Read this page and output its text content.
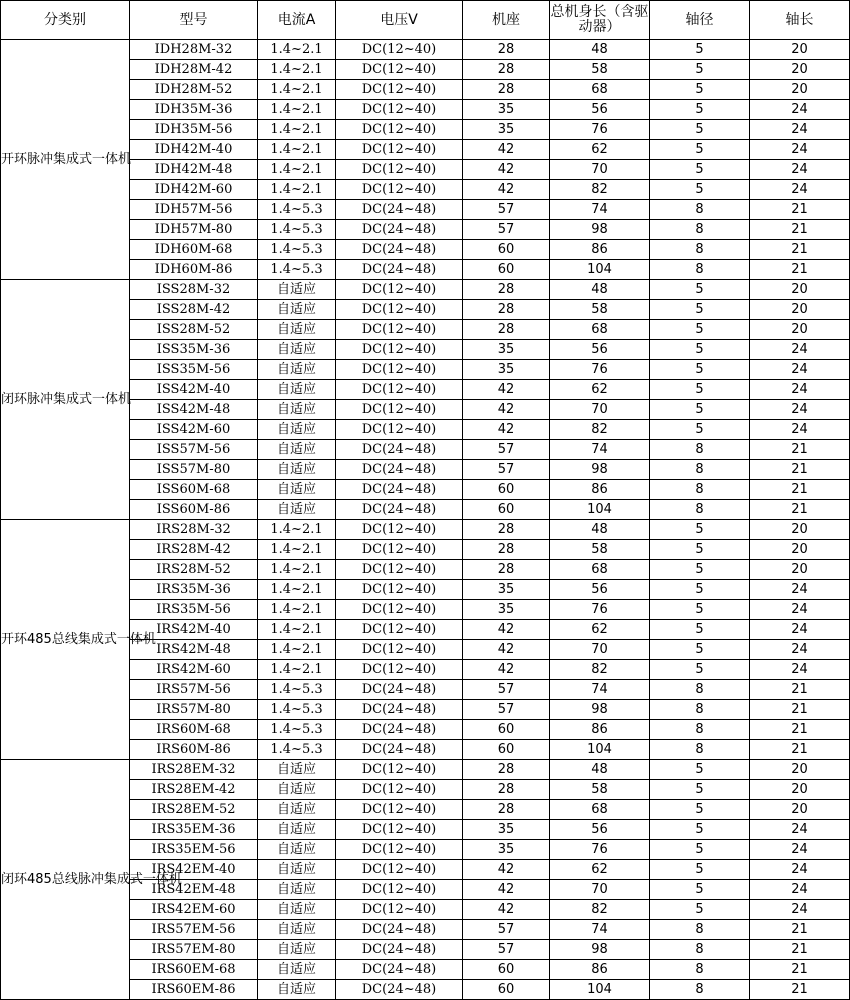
分类别	型号	电流A	电压V	机座	总机身长（含驱动器）	轴径	轴长
开环脉冲集成式一体机	IDH28M-32	1.4~2.1	DC(12~40)	28	48	5	20
	IDH28M-42	1.4~2.1	DC(12~40)	28	58	5	20
	IDH28M-52	1.4~2.1	DC(12~40)	28	68	5	20
	IDH35M-36	1.4~2.1	DC(12~40)	35	56	5	24
	IDH35M-56	1.4~2.1	DC(12~40)	35	76	5	24
	IDH42M-40	1.4~2.1	DC(12~40)	42	62	5	24
	IDH42M-48	1.4~2.1	DC(12~40)	42	70	5	24
	IDH42M-60	1.4~2.1	DC(12~40)	42	82	5	24
	IDH57M-56	1.4~5.3	DC(24~48)	57	74	8	21
	IDH57M-80	1.4~5.3	DC(24~48)	57	98	8	21
	IDH60M-68	1.4~5.3	DC(24~48)	60	86	8	21
	IDH60M-86	1.4~5.3	DC(24~48)	60	104	8	21
闭环脉冲集成式一体机	ISS28M-32	自适应	DC(12~40)	28	48	5	20
	ISS28M-42	自适应	DC(12~40)	28	58	5	20
	ISS28M-52	自适应	DC(12~40)	28	68	5	20
	ISS35M-36	自适应	DC(12~40)	35	56	5	24
	ISS35M-56	自适应	DC(12~40)	35	76	5	24
	ISS42M-40	自适应	DC(12~40)	42	62	5	24
	ISS42M-48	自适应	DC(12~40)	42	70	5	24
	ISS42M-60	自适应	DC(12~40)	42	82	5	24
	ISS57M-56	自适应	DC(24~48)	57	74	8	21
	ISS57M-80	自适应	DC(24~48)	57	98	8	21
	ISS60M-68	自适应	DC(24~48)	60	86	8	21
	ISS60M-86	自适应	DC(24~48)	60	104	8	21
开环485总线集成式一体机	IRS28M-32	1.4~2.1	DC(12~40)	28	48	5	20
	IRS28M-42	1.4~2.1	DC(12~40)	28	58	5	20
	IRS28M-52	1.4~2.1	DC(12~40)	28	68	5	20
	IRS35M-36	1.4~2.1	DC(12~40)	35	56	5	24
	IRS35M-56	1.4~2.1	DC(12~40)	35	76	5	24
	IRS42M-40	1.4~2.1	DC(12~40)	42	62	5	24
	IRS42M-48	1.4~2.1	DC(12~40)	42	70	5	24
	IRS42M-60	1.4~2.1	DC(12~40)	42	82	5	24
	IRS57M-56	1.4~5.3	DC(24~48)	57	74	8	21
	IRS57M-80	1.4~5.3	DC(24~48)	57	98	8	21
	IRS60M-68	1.4~5.3	DC(24~48)	60	86	8	21
	IRS60M-86	1.4~5.3	DC(24~48)	60	104	8	21
闭环485总线脉冲集成式一体机	IRS28EM-32	自适应	DC(12~40)	28	48	5	20
	IRS28EM-42	自适应	DC(12~40)	28	58	5	20
	IRS28EM-52	自适应	DC(12~40)	28	68	5	20
	IRS35EM-36	自适应	DC(12~40)	35	56	5	24
	IRS35EM-56	自适应	DC(12~40)	35	76	5	24
	IRS42EM-40	自适应	DC(12~40)	42	62	5	24
	IRS42EM-48	自适应	DC(12~40)	42	70	5	24
	IRS42EM-60	自适应	DC(12~40)	42	82	5	24
	IRS57EM-56	自适应	DC(24~48)	57	74	8	21
	IRS57EM-80	自适应	DC(24~48)	57	98	8	21
	IRS60EM-68	自适应	DC(24~48)	60	86	8	21
	IRS60EM-86	自适应	DC(24~48)	60	104	8	21
